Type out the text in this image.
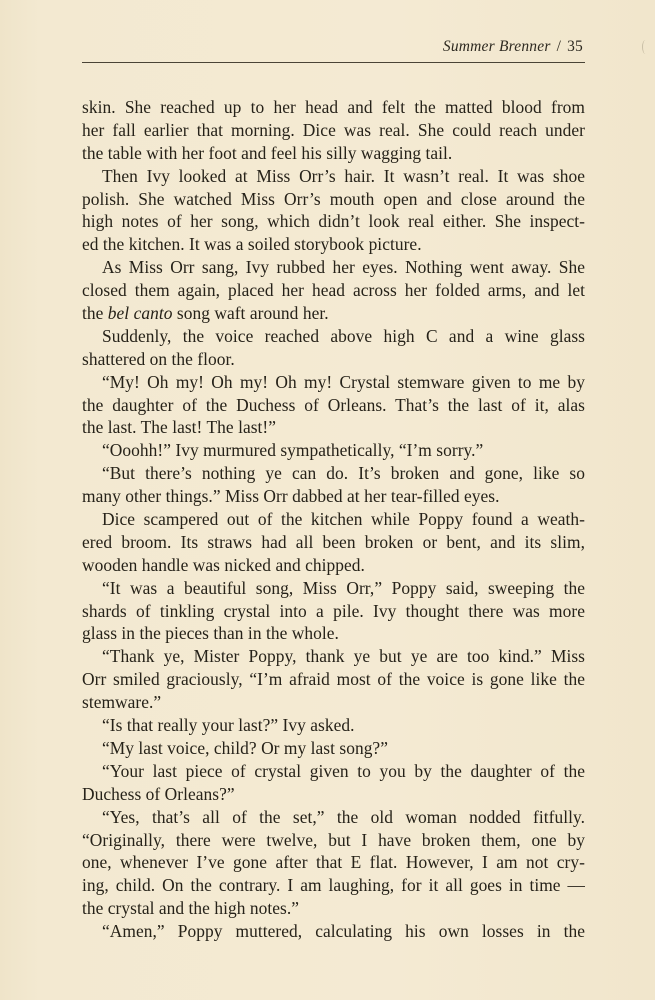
Summer Brenner / 35
skin. She reached up to her head and felt the matted blood from
her fall earlier that morning. Dice was real. She could reach under
the table with her foot and feel his silly wagging tail.
Then Ivy looked at Miss Orr’s hair. It wasn’t real. It was shoe
polish. She watched Miss Orr’s mouth open and close around the
high notes of her song, which didn’t look real either. She inspect-
ed the kitchen. It was a soiled storybook picture.
As Miss Orr sang, Ivy rubbed her eyes. Nothing went away. She
closed them again, placed her head across her folded arms, and let
the bel canto song waft around her.
Suddenly, the voice reached above high C and a wine glass
shattered on the floor.
“My! Oh my! Oh my! Oh my! Crystal stemware given to me by
the daughter of the Duchess of Orleans. That’s the last of it, alas
the last. The last! The last!”
“Ooohh!” Ivy murmured sympathetically, “I’m sorry.”
“But there’s nothing ye can do. It’s broken and gone, like so
many other things.” Miss Orr dabbed at her tear-filled eyes.
Dice scampered out of the kitchen while Poppy found a weath-
ered broom. Its straws had all been broken or bent, and its slim,
wooden handle was nicked and chipped.
“It was a beautiful song, Miss Orr,” Poppy said, sweeping the
shards of tinkling crystal into a pile. Ivy thought there was more
glass in the pieces than in the whole.
“Thank ye, Mister Poppy, thank ye but ye are too kind.” Miss
Orr smiled graciously, “I’m afraid most of the voice is gone like the
stemware.”
“Is that really your last?” Ivy asked.
“My last voice, child? Or my last song?”
“Your last piece of crystal given to you by the daughter of the
Duchess of Orleans?”
“Yes, that’s all of the set,” the old woman nodded fitfully.
“Originally, there were twelve, but I have broken them, one by
one, whenever I’ve gone after that E flat. However, I am not cry-
ing, child. On the contrary. I am laughing, for it all goes in time —
the crystal and the high notes.”
“Amen,” Poppy muttered, calculating his own losses in the
